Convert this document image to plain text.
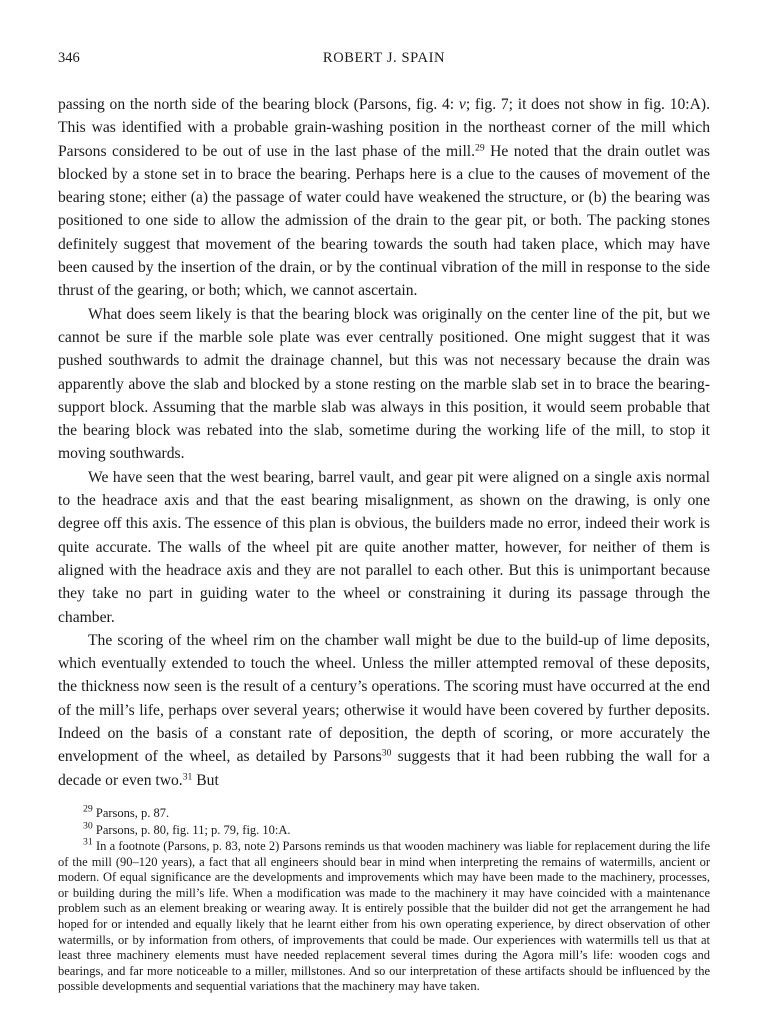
346	ROBERT J. SPAIN

passing on the north side of the bearing block (Parsons, fig. 4: v; fig. 7; it does not show in fig. 10:A). This was identified with a probable grain-washing position in the northeast corner of the mill which Parsons considered to be out of use in the last phase of the mill.$^{29}$ He noted that the drain outlet was blocked by a stone set in to brace the bearing. Perhaps here is a clue to the causes of movement of the bearing stone; either (a) the passage of water could have weakened the structure, or (b) the bearing was positioned to one side to allow the admission of the drain to the gear pit, or both. The packing stones definitely suggest that movement of the bearing towards the south had taken place, which may have been caused by the insertion of the drain, or by the continual vibration of the mill in response to the side thrust of the gearing, or both; which, we cannot ascertain.

What does seem likely is that the bearing block was originally on the center line of the pit, but we cannot be sure if the marble sole plate was ever centrally positioned. One might suggest that it was pushed southwards to admit the drainage channel, but this was not necessary because the drain was apparently above the slab and blocked by a stone resting on the marble slab set in to brace the bearing-support block. Assuming that the marble slab was always in this position, it would seem probable that the bearing block was rebated into the slab, sometime during the working life of the mill, to stop it moving southwards.

We have seen that the west bearing, barrel vault, and gear pit were aligned on a single axis normal to the headrace axis and that the east bearing misalignment, as shown on the drawing, is only one degree off this axis. The essence of this plan is obvious, the builders made no error, indeed their work is quite accurate. The walls of the wheel pit are quite another matter, however, for neither of them is aligned with the headrace axis and they are not parallel to each other. But this is unimportant because they take no part in guiding water to the wheel or constraining it during its passage through the chamber.

The scoring of the wheel rim on the chamber wall might be due to the build-up of lime deposits, which eventually extended to touch the wheel. Unless the miller attempted removal of these deposits, the thickness now seen is the result of a century’s operations. The scoring must have occurred at the end of the mill’s life, perhaps over several years; otherwise it would have been covered by further deposits. Indeed on the basis of a constant rate of deposition, the depth of scoring, or more accurately the envelopment of the wheel, as detailed by Parsons$^{30}$ suggests that it had been rubbing the wall for a decade or even two.$^{31}$ But

$^{29}$ Parsons, p. 87.

$^{30}$ Parsons, p. 80, fig. 11; p. 79, fig. 10:A.

$^{31}$ In a footnote (Parsons, p. 83, note 2) Parsons reminds us that wooden machinery was liable for replacement during the life of the mill (90–120 years), a fact that all engineers should bear in mind when interpreting the remains of watermills, ancient or modern. Of equal significance are the developments and improvements which may have been made to the machinery, processes, or building during the mill’s life. When a modification was made to the machinery it may have coincided with a maintenance problem such as an element breaking or wearing away. It is entirely possible that the builder did not get the arrangement he had hoped for or intended and equally likely that he learnt either from his own operating experience, by direct observation of other watermills, or by information from others, of improvements that could be made. Our experiences with watermills tell us that at least three machinery elements must have needed replacement several times during the Agora mill’s life: wooden cogs and bearings, and far more noticeable to a miller, millstones. And so our interpretation of these artifacts should be influenced by the possible developments and sequential variations that the machinery may have taken.
